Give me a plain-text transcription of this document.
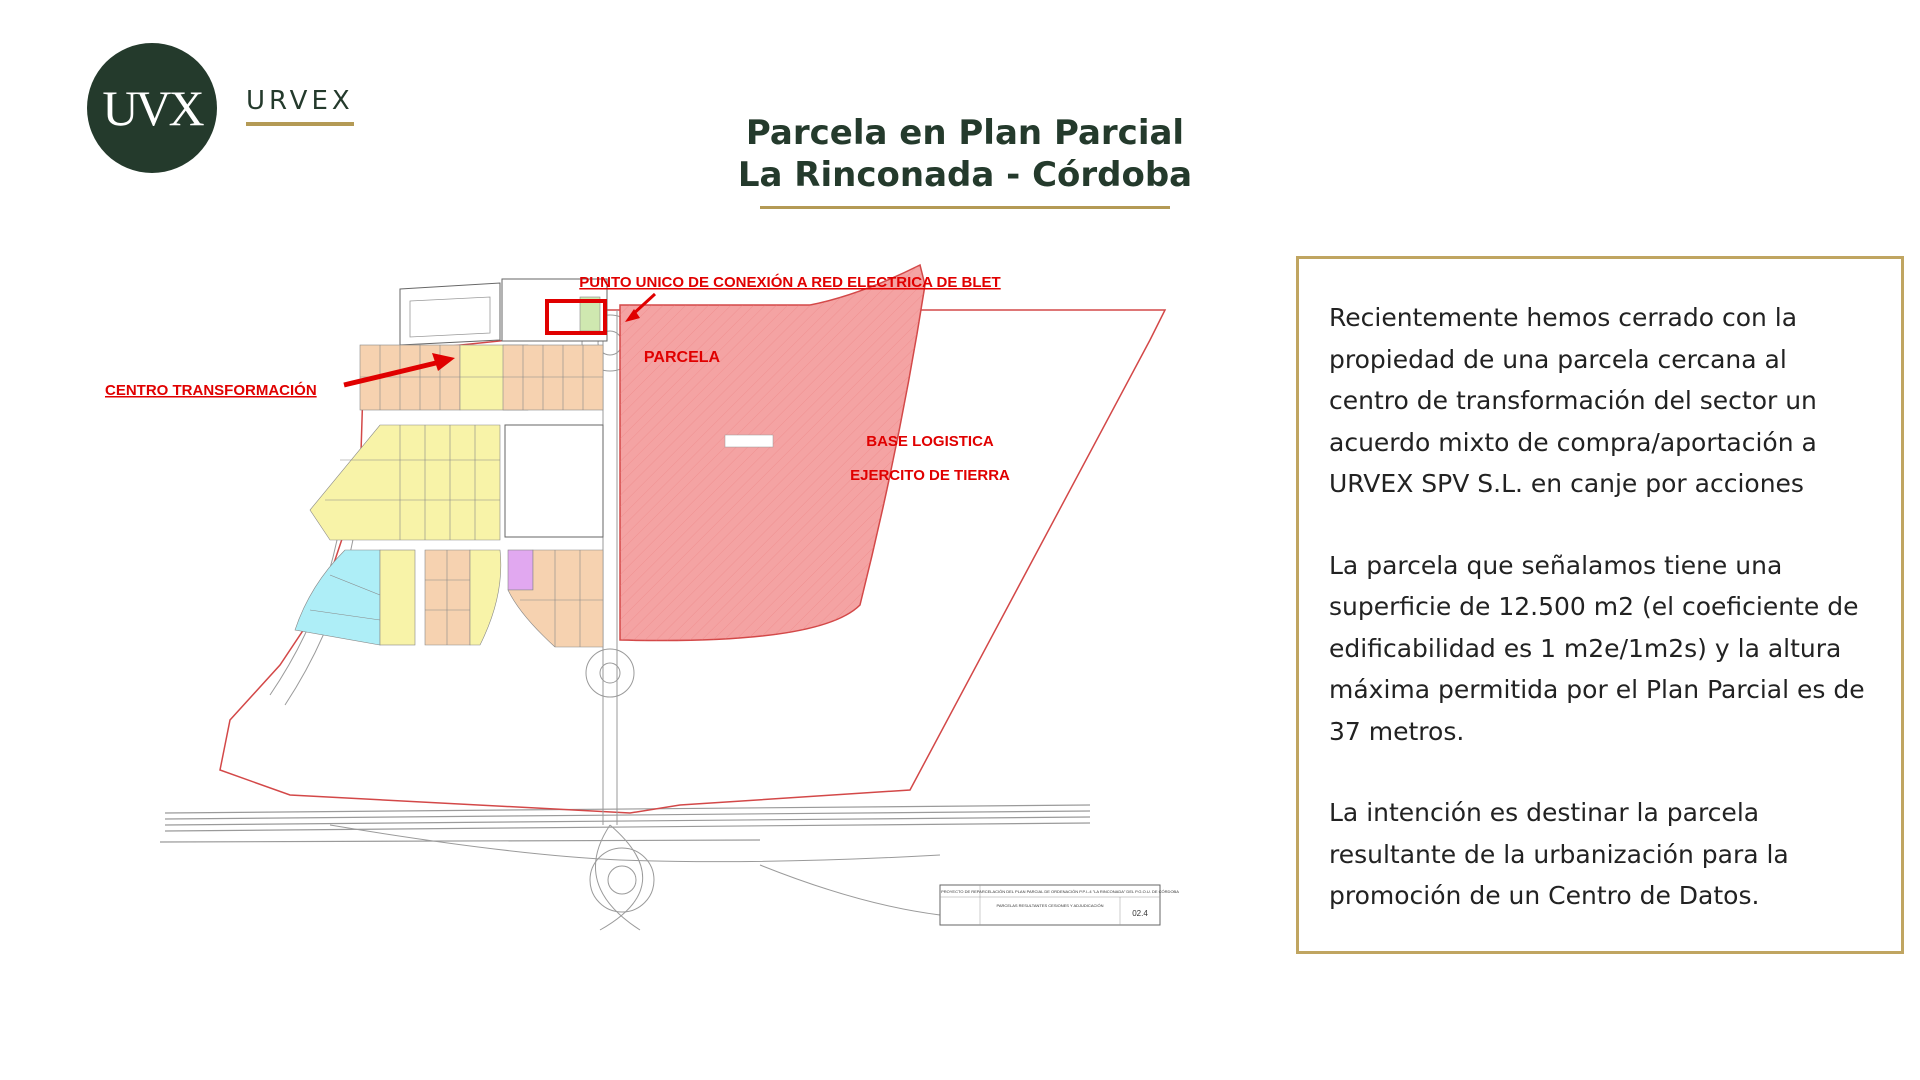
UVX URVEX
Parcela en Plan Parcial
La Rinconada - Córdoba
PUNTO UNICO DE CONEXIÓN A RED ELECTRICA DE BLET
CENTRO TRANSFORMACIÓN
PARCELA
BASE LOGISTICA
EJERCITO DE TIERRA
PROYECTO DE REPARCELACIÓN DEL PLAN PARCIAL DE ORDENACIÓN P.P.I.-4 "LA RINCONADA" DEL P.G.O.U. DE CÓRDOBA
PARCELAS RESULTANTES CESIONES Y ADJUDICACIÓN
02.4

Recientemente hemos cerrado con la propiedad de una parcela cercana al centro de transformación del sector un acuerdo mixto de compra/aportación a URVEX SPV S.L. en canje por acciones

La parcela que señalamos tiene una superficie de 12.500 m2 (el coeficiente de edificabilidad es 1 m2e/1m2s) y la altura máxima permitida por el Plan Parcial es de 37 metros.

La intención es destinar la parcela resultante de la urbanización para la promoción de un Centro de Datos.
